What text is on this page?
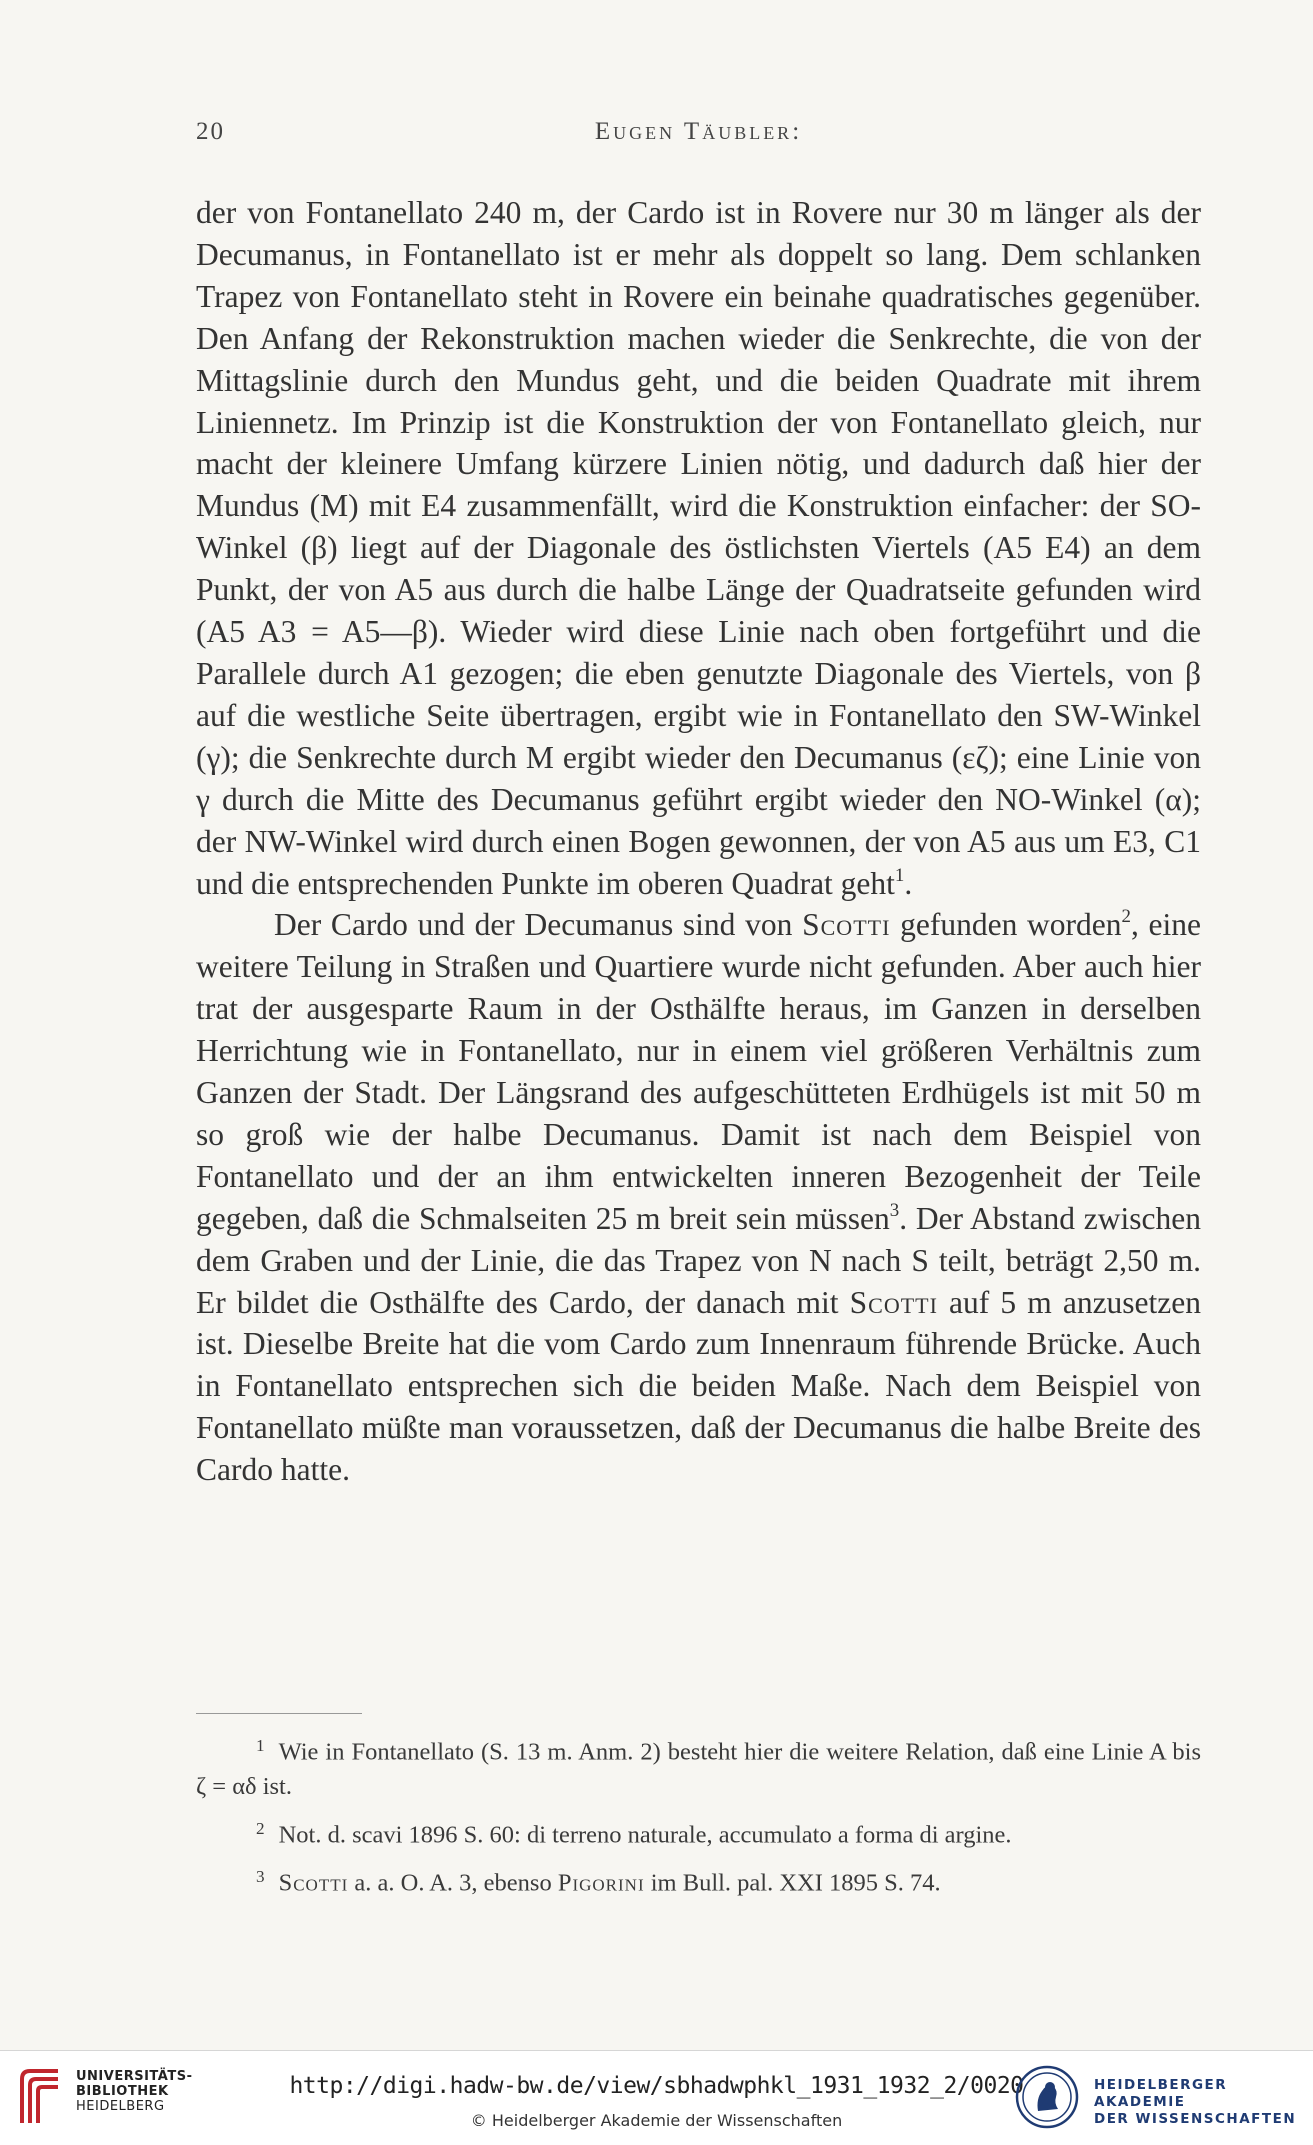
20	Eugen Täubler:

der von Fontanellato 240 m, der Cardo ist in Rovere nur 30 m länger als der Decumanus, in Fontanellato ist er mehr als doppelt so lang. Dem schlanken Trapez von Fontanellato steht in Rovere ein beinahe quadratisches gegenüber. Den Anfang der Rekonstruktion machen wieder die Senkrechte, die von der Mittagslinie durch den Mundus geht, und die beiden Quadrate mit ihrem Liniennetz. Im Prinzip ist die Konstruktion der von Fontanellato gleich, nur macht der kleinere Umfang kürzere Linien nötig, und dadurch daß hier der Mundus (M) mit E4 zusammenfällt, wird die Konstruktion einfacher: der SO-Winkel (β) liegt auf der Diagonale des östlichsten Viertels (A5 E4) an dem Punkt, der von A5 aus durch die halbe Länge der Quadratseite gefunden wird (A5 A3 = A5—β). Wieder wird diese Linie nach oben fortgeführt und die Parallele durch A1 gezogen; die eben genutzte Diagonale des Viertels, von β auf die westliche Seite übertragen, ergibt wie in Fontanellato den SW-Winkel (γ); die Senkrechte durch M ergibt wieder den Decumanus (εζ); eine Linie von γ durch die Mitte des Decumanus geführt ergibt wieder den NO-Winkel (α); der NW-Winkel wird durch einen Bogen gewonnen, der von A5 aus um E3, C1 und die entsprechenden Punkte im oberen Quadrat geht$^1$.

Der Cardo und der Decumanus sind von Scotti gefunden worden$^2$, eine weitere Teilung in Straßen und Quartiere wurde nicht gefunden. Aber auch hier trat der ausgesparte Raum in der Osthälfte heraus, im Ganzen in derselben Herrichtung wie in Fontanellato, nur in einem viel größeren Verhältnis zum Ganzen der Stadt. Der Längsrand des aufgeschütteten Erdhügels ist mit 50 m so groß wie der halbe Decumanus. Damit ist nach dem Beispiel von Fontanellato und der an ihm entwickelten inneren Bezogenheit der Teile gegeben, daß die Schmalseiten 25 m breit sein müssen$^3$. Der Abstand zwischen dem Graben und der Linie, die das Trapez von N nach S teilt, beträgt 2,50 m. Er bildet die Osthälfte des Cardo, der danach mit Scotti auf 5 m anzusetzen ist. Dieselbe Breite hat die vom Cardo zum Innenraum führende Brücke. Auch in Fontanellato entsprechen sich die beiden Maße. Nach dem Beispiel von Fontanellato müßte man voraussetzen, daß der Decumanus die halbe Breite des Cardo hatte.

$^1$ Wie in Fontanellato (S. 13 m. Anm. 2) besteht hier die weitere Relation, daß eine Linie A bis ζ = αδ ist.

$^2$ Not. d. scavi 1896 S. 60: di terreno naturale, accumulato a forma di argine.

$^3$ Scotti a. a. O. A. 3, ebenso Pigorini im Bull. pal. XXI 1895 S. 74.

UNIVERSITÄTS-
BIBLIOTHEK
HEIDELBERG
http://digi.hadw-bw.de/view/sbhadwphkl_1931_1932_2/0020
© Heidelberger Akademie der Wissenschaften
HEIDELBERGER AKADEMIE
DER WISSENSCHAFTEN
